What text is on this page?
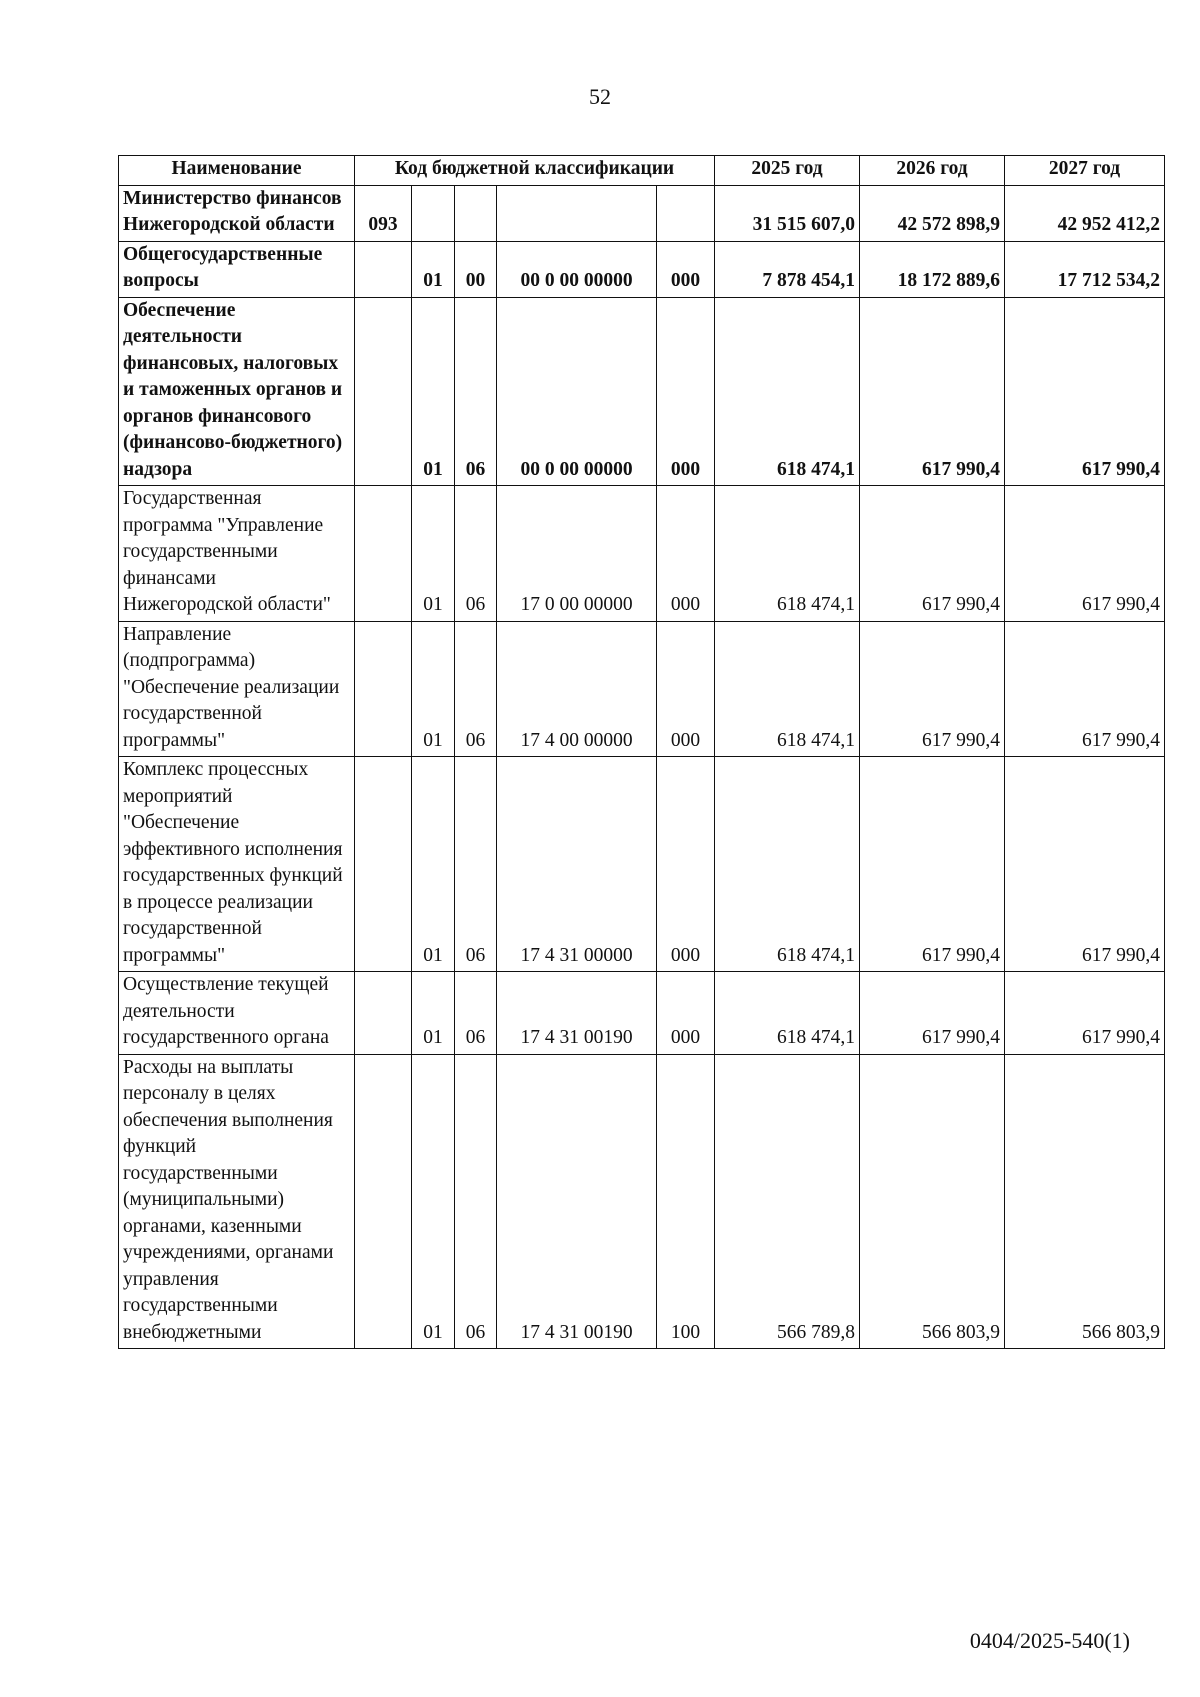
52
Наименование	Код бюджетной классификации					2025 год	2026 год	2027 год
Министерство финансов Нижегородской области	093					31 515 607,0	42 572 898,9	42 952 412,2
Общегосударственные вопросы		01	00	00 0 00 00000	000	7 878 454,1	18 172 889,6	17 712 534,2
Обеспечение деятельности финансовых, налоговых и таможенных органов и органов финансового (финансово-бюджетного) надзора		01	06	00 0 00 00000	000	618 474,1	617 990,4	617 990,4
Государственная программа "Управление государственными финансами Нижегородской области"		01	06	17 0 00 00000	000	618 474,1	617 990,4	617 990,4
Направление (подпрограмма) "Обеспечение реализации государственной программы"		01	06	17 4 00 00000	000	618 474,1	617 990,4	617 990,4
Комплекс процессных мероприятий "Обеспечение эффективного исполнения государственных функций в процессе реализации государственной программы"		01	06	17 4 31 00000	000	618 474,1	617 990,4	617 990,4
Осуществление текущей деятельности государственного органа		01	06	17 4 31 00190	000	618 474,1	617 990,4	617 990,4
Расходы на выплаты персоналу в целях обеспечения выполнения функций государственными (муниципальными) органами, казенными учреждениями, органами управления государственными внебюджетными		01	06	17 4 31 00190	100	566 789,8	566 803,9	566 803,9
0404/2025-540(1)
